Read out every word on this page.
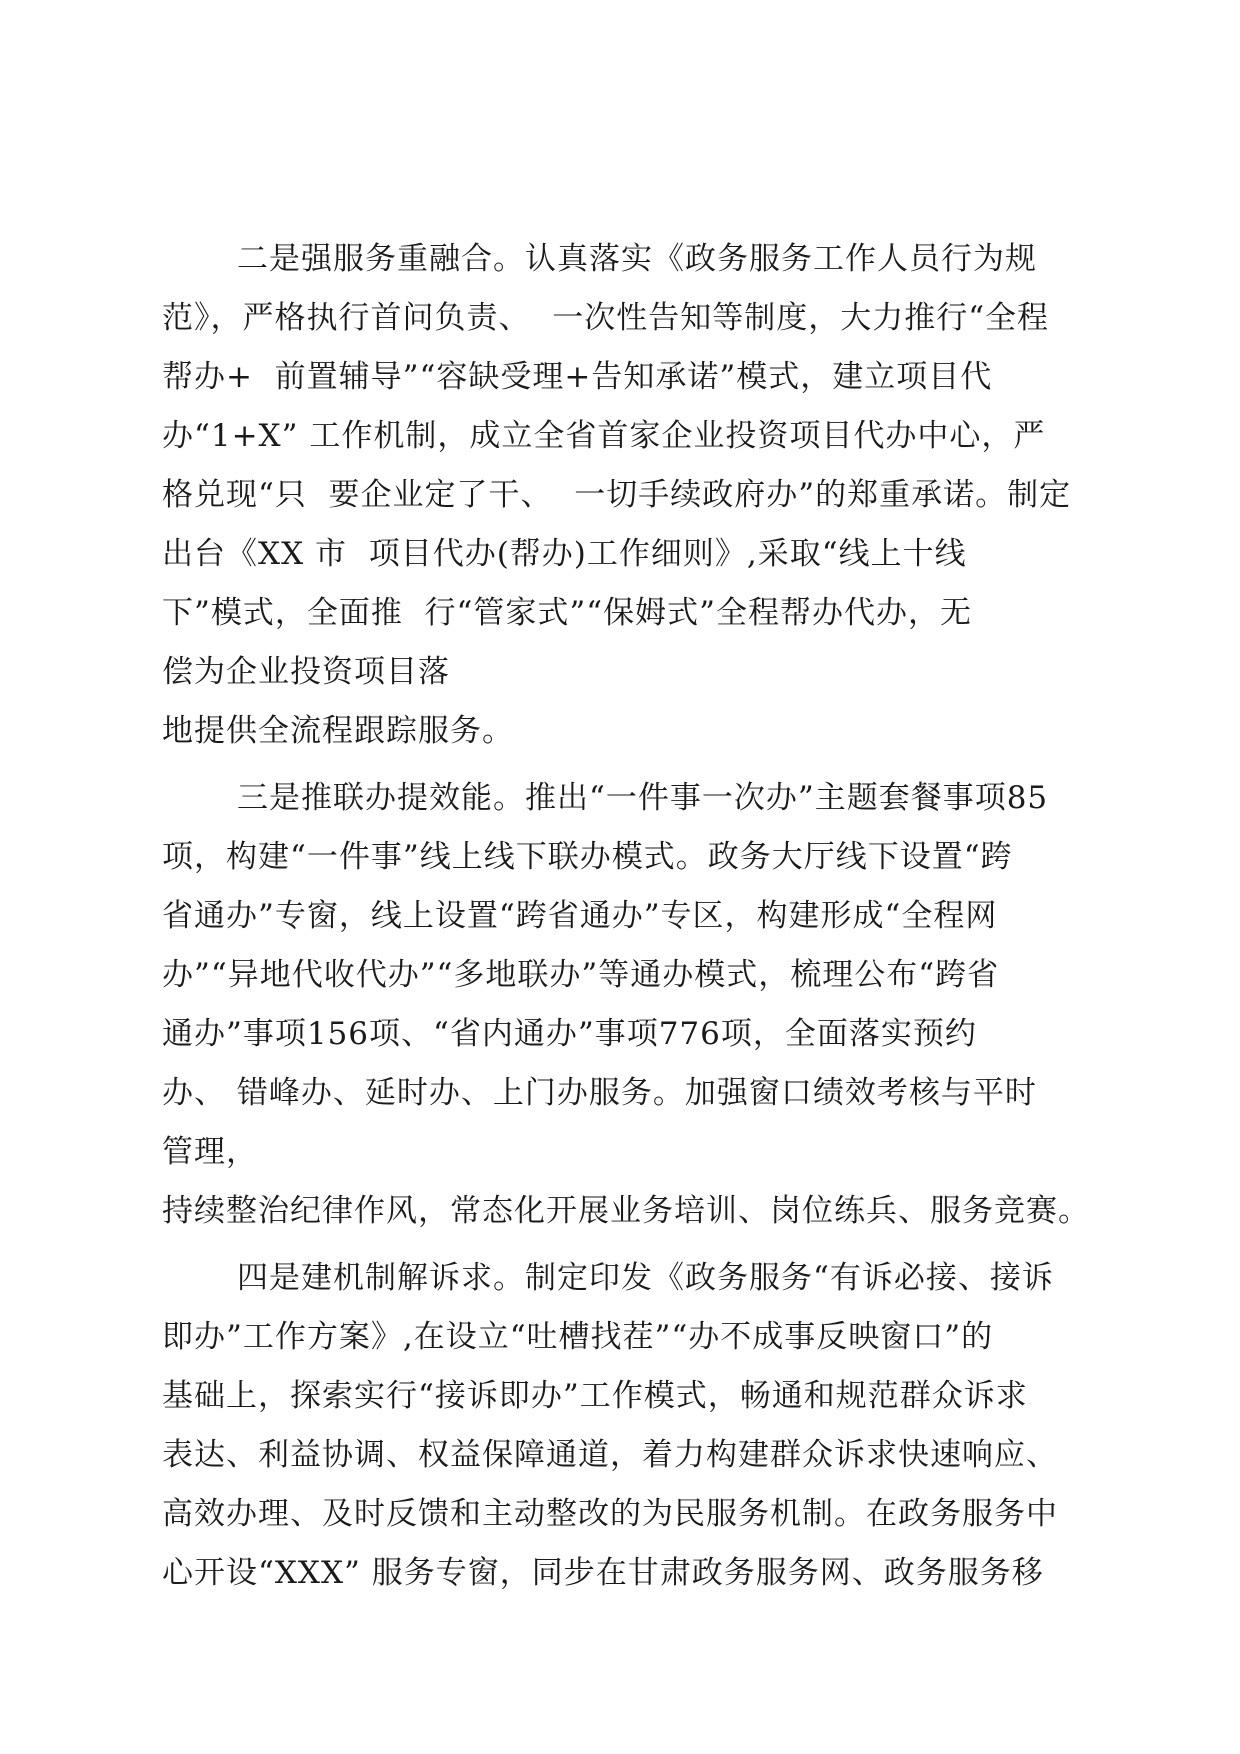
二是强服务重融合。认真落实《政务服务工作人员行为规
范》，严格执行首问负责、  一次性告知等制度，大力推行“全程
帮办+  前置辅导”“容缺受理+告知承诺”模式，建立项目代
办“1+X” 工作机制，成立全省首家企业投资项目代办中心，严
格兑现“只  要企业定了干、  一切手续政府办”的郑重承诺。制定
出台《XX 市  项目代办(帮办)工作细则》,采取“线上十线
下”模式，全面推  行“管家式”“保姆式”全程帮办代办，无
偿为企业投资项目落
地提供全流程跟踪服务。
三是推联办提效能。推出“一件事一次办”主题套餐事项85
项，构建“一件事”线上线下联办模式。政务大厅线下设置“跨
省通办”专窗，线上设置“跨省通办”专区，构建形成“全程网
办”“异地代收代办”“多地联办”等通办模式，梳理公布“跨省
通办”事项156项、“省内通办”事项776项，全面落实预约
办、 错峰办、延时办、上门办服务。加强窗口绩效考核与平时
管理，
持续整治纪律作风，常态化开展业务培训、岗位练兵、服务竞赛。
四是建机制解诉求。制定印发《政务服务“有诉必接、接诉
即办”工作方案》,在设立“吐槽找茬”“办不成事反映窗口”的
基础上，探索实行“接诉即办”工作模式，畅通和规范群众诉求
表达、利益协调、权益保障通道，着力构建群众诉求快速响应、
高效办理、及时反馈和主动整改的为民服务机制。在政务服务中
心开设“XXX” 服务专窗，同步在甘肃政务服务网、政务服务移
